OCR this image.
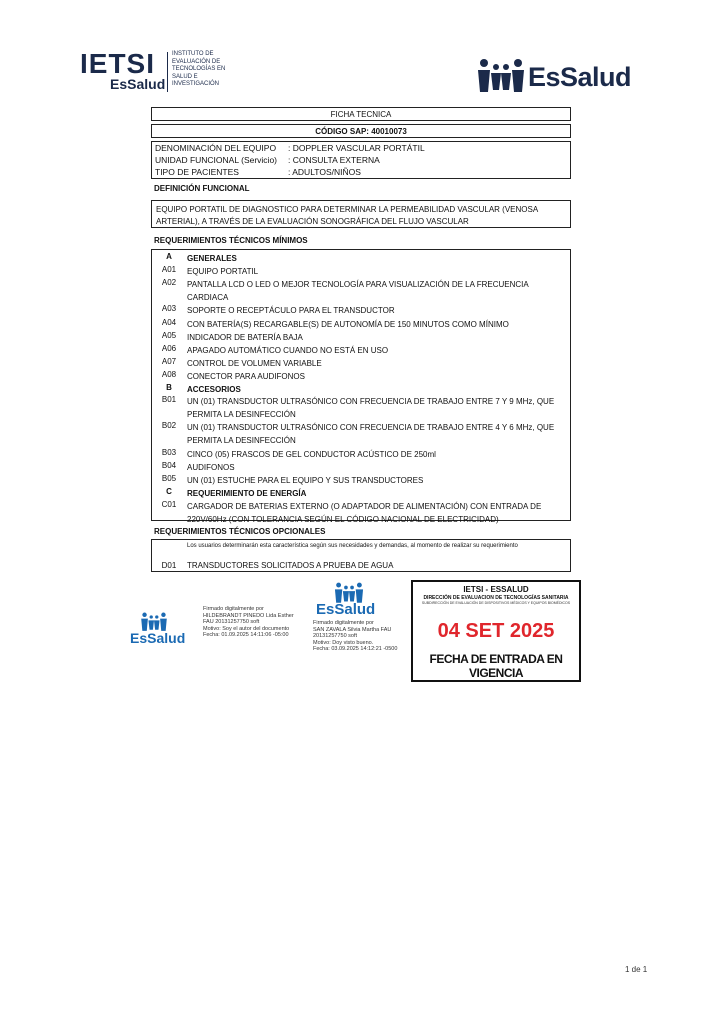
IETSI
EsSalud
INSTITUTO DE
EVALUACIÓN DE
TECNOLOGÍAS EN
SALUD E
INVESTIGACIÓN	EsSalud
FICHA TECNICA
CÓDIGO SAP: 40010073
DENOMINACIÓN DEL EQUIPO : DOPPLER VASCULAR PORTÁTIL
UNIDAD FUNCIONAL (Servicio) : CONSULTA EXTERNA
TIPO DE PACIENTES	: ADULTOS/NIÑOS
DEFINICIÓN FUNCIONAL
EQUIPO PORTATIL DE DIAGNOSTICO PARA DETERMINAR LA PERMEABILIDAD VASCULAR (VENOSA ARTERIAL), A TRAVÉS DE LA EVALUACIÓN SONOGRÁFICA DEL FLUJO VASCULAR
REQUERIMIENTOS TÉCNICOS MÍNIMOS
A	GENERALES
A01	EQUIPO PORTATIL
A02	PANTALLA LCD O LED O MEJOR TECNOLOGÍA PARA VISUALIZACIÓN DE LA FRECUENCIA CARDIACA
A03	SOPORTE O RECEPTÁCULO PARA EL TRANSDUCTOR
A04	CON BATERÍA(S) RECARGABLE(S) DE AUTONOMÍA DE 150 MINUTOS COMO MÍNIMO
A05	INDICADOR DE BATERÍA BAJA
A06	APAGADO AUTOMÁTICO CUANDO NO ESTÁ EN USO
A07	CONTROL DE VOLUMEN VARIABLE
A08	CONECTOR PARA AUDIFONOS
B	ACCESORIOS
B01	UN (01) TRANSDUCTOR ULTRASÓNICO CON FRECUENCIA DE TRABAJO ENTRE 7 Y 9 MHz, QUE PERMITA LA DESINFECCIÓN
B02	UN (01) TRANSDUCTOR ULTRASÓNICO CON FRECUENCIA DE TRABAJO ENTRE 4 Y 6 MHz, QUE PERMITA LA DESINFECCIÓN
B03	CINCO (05) FRASCOS DE GEL CONDUCTOR ACÚSTICO DE 250ml
B04	AUDIFONOS
B05	UN (01) ESTUCHE PARA EL EQUIPO Y SUS TRANSDUCTORES
C	REQUERIMIENTO DE ENERGÍA
C01	CARGADOR DE BATERIAS EXTERNO (O ADAPTADOR DE ALIMENTACIÓN) CON ENTRADA DE 220V/60Hz (CON TOLERANCIA SEGÚN EL CÓDIGO NACIONAL DE ELECTRICIDAD)
REQUERIMIENTOS TÉCNICOS OPCIONALES
Los usuarios determinarán esta característica según sus necesidades y demandas, al momento de realizar su requerimiento
D01	TRANSDUCTORES SOLICITADOS A PRUEBA DE AGUA
EsSalud
Firmado digitalmente por
HILDEBRANDT PINEDO Lida Esther
FAU 20131257750 soft
Motivo: Soy el autor del documento
Fecha: 01.09.2025 14:11:06 -05:00
EsSalud
Firmado digitalmente por
SAN ZAVALA Silvia Martha FAU
20131257750 soft
Motivo: Doy visto bueno.
Fecha: 03.09.2025 14:12:21 -0500
IETSI - ESSALUD
DIRECCIÓN DE EVALUACION DE TECNOLOGÍAS SANITARIA
SUBDIRECCIÓN DE EVALUACIÓN DE DISPOSITIVOS MÉDICOS Y EQUIPOS BIOMÉDICOS
04 SET 2025
FECHA DE ENTRADA EN VIGENCIA
1 de 1
